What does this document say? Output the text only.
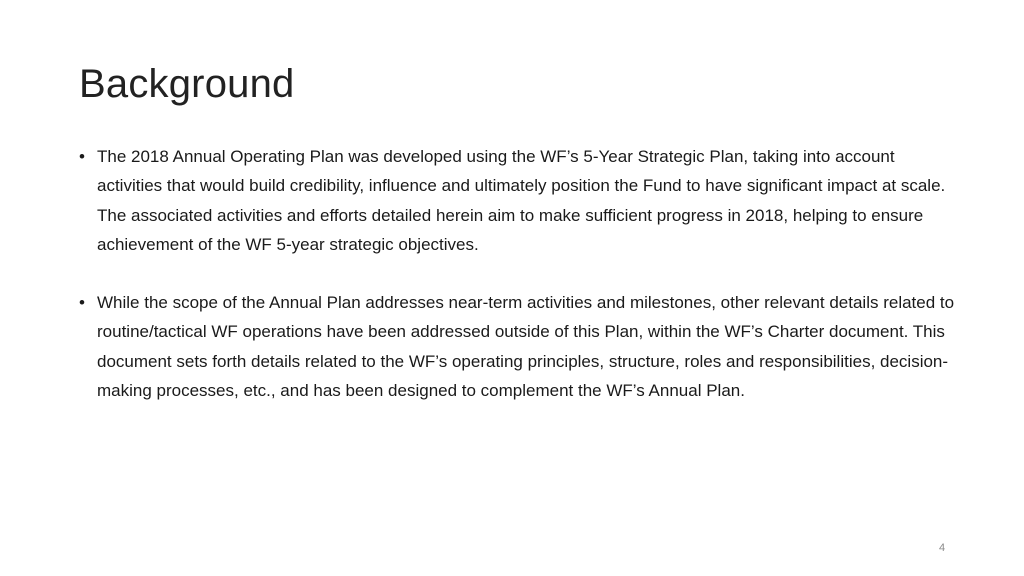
Background
• The 2018 Annual Operating Plan was developed using the WF’s 5-Year Strategic Plan, taking into account activities that would build credibility, influence and ultimately position the Fund to have significant impact at scale. The associated activities and efforts detailed herein aim to make sufficient progress in 2018, helping to ensure achievement of the WF 5-year strategic objectives.
• While the scope of the Annual Plan addresses near-term activities and milestones, other relevant details related to routine/tactical WF operations have been addressed outside of this Plan, within the WF’s Charter document. This document sets forth details related to the WF’s operating principles, structure, roles and responsibilities, decision-making processes, etc., and has been designed to complement the WF’s Annual Plan.
4
